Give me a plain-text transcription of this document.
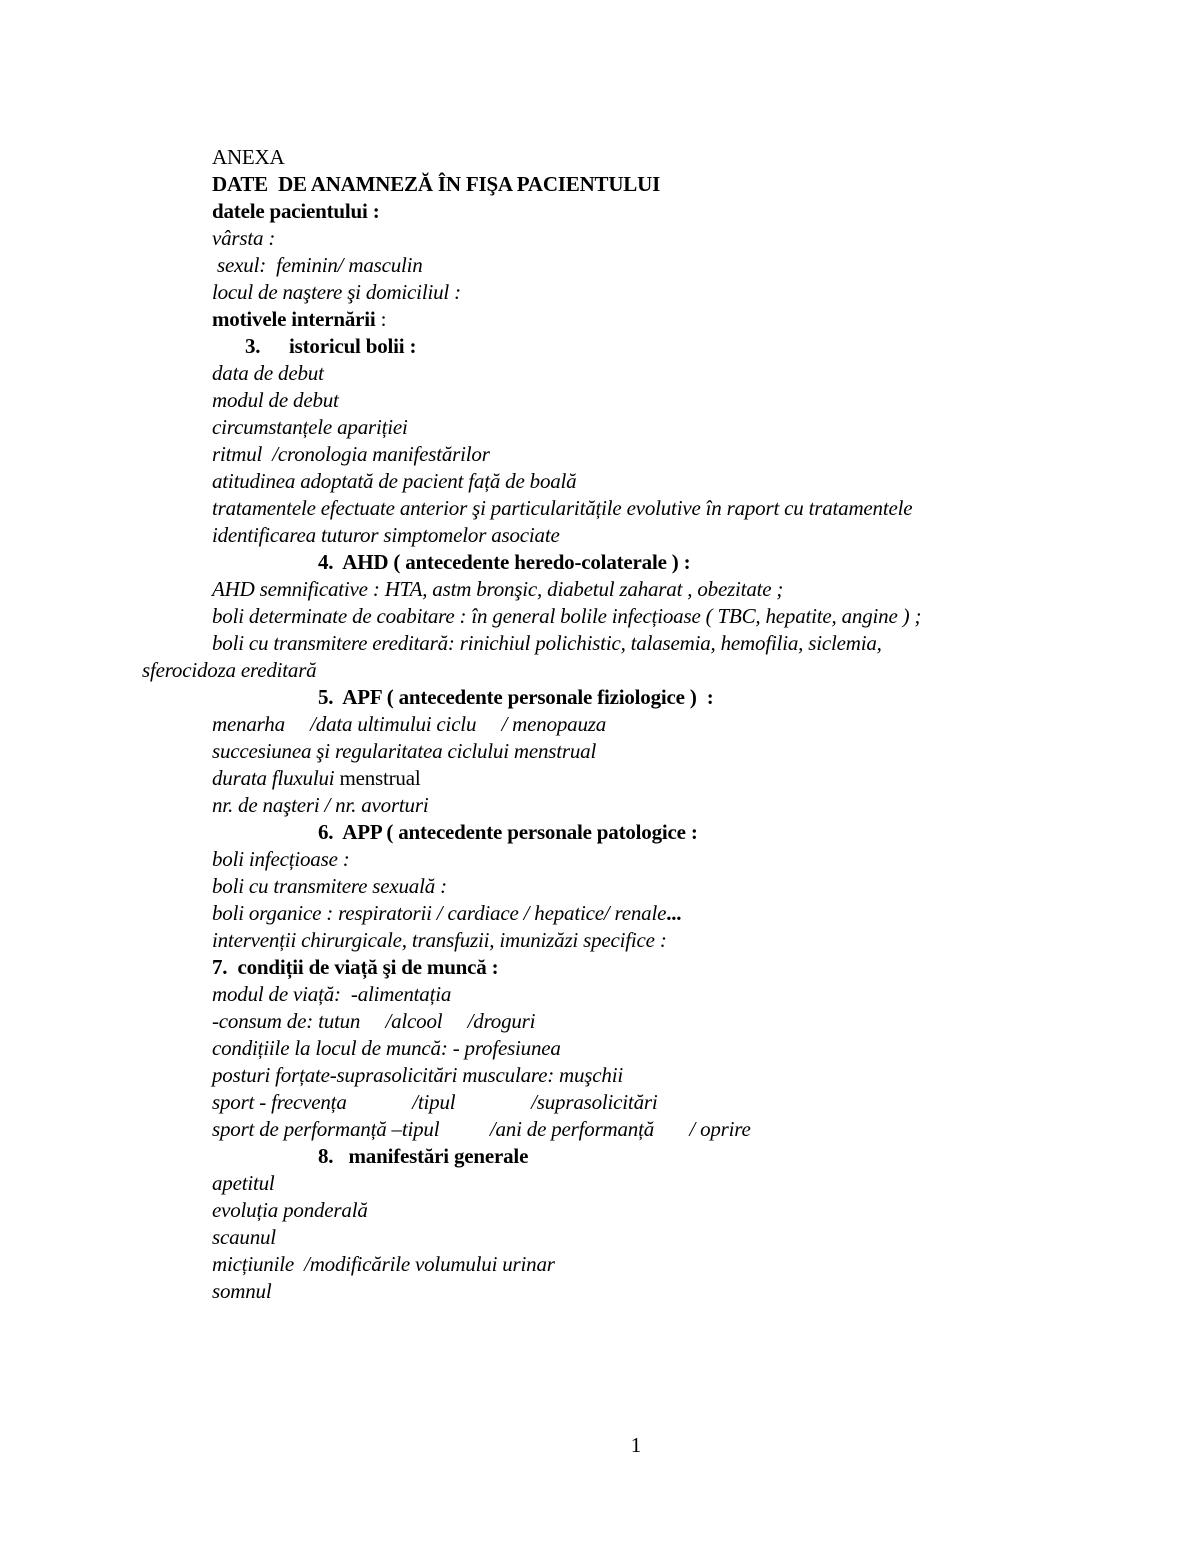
ANEXA
DATE  DE ANAMNEZĂ ÎN FIŞA PACIENTULUI
datele pacientului :
vârsta :
sexul:  feminin/ masculin
locul de naştere şi domiciliul :
motivele internării :
3. istoricul bolii :
data de debut
modul de debut
circumstanțele apariției
ritmul  /cronologia manifestărilor
atitudinea adoptată de pacient față de boală
tratamentele efectuate anterior şi particularitățile evolutive în raport cu tratamentele
identificarea tuturor simptomelor asociate
4.  AHD ( antecedente heredo-colaterale ) :
AHD semnificative : HTA, astm bronşic, diabetul zaharat , obezitate ;
boli determinate de coabitare : în general bolile infecțioase ( TBC, hepatite, angine ) ;
boli cu transmitere ereditară: rinichiul polichistic, talasemia, hemofilia, siclemia,
sferocidoza ereditară
5.  APF ( antecedente personale fiziologice )  :
menarha     /data ultimului ciclu     / menopauza
succesiunea şi regularitatea ciclului menstrual
durata fluxului menstrual
nr. de naşteri / nr. avorturi
6.  APP ( antecedente personale patologice :
boli infecțioase :
boli cu transmitere sexuală :
boli organice : respiratorii / cardiace / hepatice/ renale...
intervenții chirurgicale, transfuzii, imunizăzi specifice :
7.  condiții de viață şi de muncă :
modul de viață:  -alimentația
-consum de: tutun     /alcool     /droguri
condițiile la locul de muncă: - profesiunea
posturi forțate-suprasolicitări musculare: muşchii
sport - frecvența             /tipul               /suprasolicitări
sport de performanță –tipul          /ani de performanță       / oprire
8.   manifestări generale
apetitul
evoluția ponderală
scaunul
micțiunile  /modificările volumului urinar
somnul
1
